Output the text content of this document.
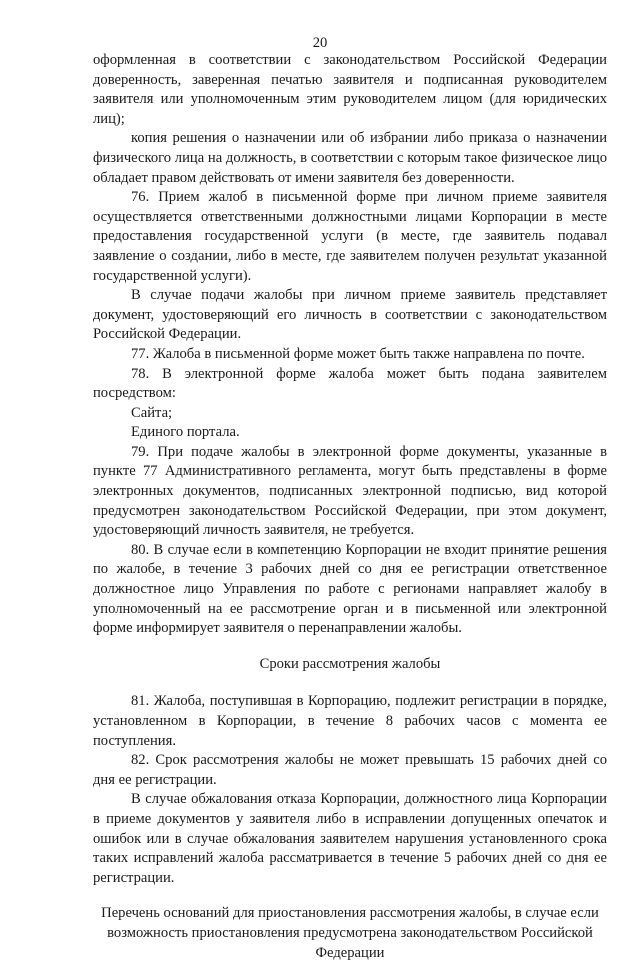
20

оформленная в соответствии с законодательством Российской Федерации доверенность, заверенная печатью заявителя и подписанная руководителем заявителя или уполномоченным этим руководителем лицом (для юридических лиц);

копия решения о назначении или об избрании либо приказа о назначении физического лица на должность, в соответствии с которым такое физическое лицо обладает правом действовать от имени заявителя без доверенности.

76. Прием жалоб в письменной форме при личном приеме заявителя осуществляется ответственными должностными лицами Корпорации в месте предоставления государственной услуги (в месте, где заявитель подавал заявление о создании, либо в месте, где заявителем получен результат указанной государственной услуги).

В случае подачи жалобы при личном приеме заявитель представляет документ, удостоверяющий его личность в соответствии с законодательством Российской Федерации.

77. Жалоба в письменной форме может быть также направлена по почте.

78. В электронной форме жалоба может быть подана заявителем посредством:

Сайта;

Единого портала.

79. При подаче жалобы в электронной форме документы, указанные в пункте 77 Административного регламента, могут быть представлены в форме электронных документов, подписанных электронной подписью, вид которой предусмотрен законодательством Российской Федерации, при этом документ, удостоверяющий личность заявителя, не требуется.

80. В случае если в компетенцию Корпорации не входит принятие решения по жалобе, в течение 3 рабочих дней со дня ее регистрации ответственное должностное лицо Управления по работе с регионами направляет жалобу в уполномоченный на ее рассмотрение орган и в письменной или электронной форме информирует заявителя о перенаправлении жалобы.

Сроки рассмотрения жалобы

81. Жалоба, поступившая в Корпорацию, подлежит регистрации в порядке, установленном в Корпорации, в течение 8 рабочих часов с момента ее поступления.

82. Срок рассмотрения жалобы не может превышать 15 рабочих дней со дня ее регистрации.

В случае обжалования отказа Корпорации, должностного лица Корпорации в приеме документов у заявителя либо в исправлении допущенных опечаток и ошибок или в случае обжалования заявителем нарушения установленного срока таких исправлений жалоба рассматривается в течение 5 рабочих дней со дня ее регистрации.

Перечень оснований для приостановления рассмотрения жалобы, в случае если возможность приостановления предусмотрена законодательством Российской Федерации
